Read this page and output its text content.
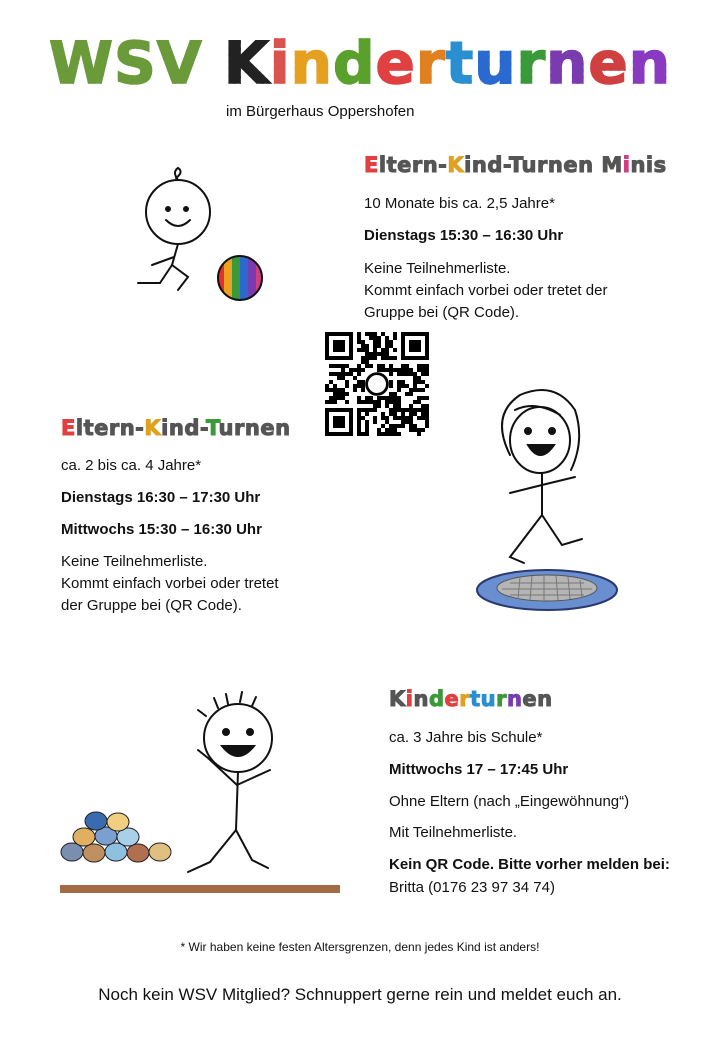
WSV Kinderturnen
im Bürgerhaus Oppershofen
Eltern-Kind-Turnen Minis
10 Monate bis ca. 2,5 Jahre*
Dienstags 15:30 – 16:30 Uhr
Keine Teilnehmerliste.
Kommt einfach vorbei oder tretet der
Gruppe bei (QR Code).
Eltern-Kind-Turnen
ca. 2 bis ca. 4 Jahre*
Dienstags 16:30 – 17:30 Uhr
Mittwochs 15:30 – 16:30 Uhr
Keine Teilnehmerliste.
Kommt einfach vorbei oder tretet
der Gruppe bei (QR Code).
Kinderturnen
ca. 3 Jahre bis Schule*
Mittwochs 17 – 17:45 Uhr
Ohne Eltern (nach „Eingewöhnung“)
Mit Teilnehmerliste.
Kein QR Code. Bitte vorher melden bei:
Britta (0176 23 97 34 74)
* Wir haben keine festen Altersgrenzen, denn jedes Kind ist anders!
Noch kein WSV Mitglied? Schnuppert gerne rein und meldet euch an.
